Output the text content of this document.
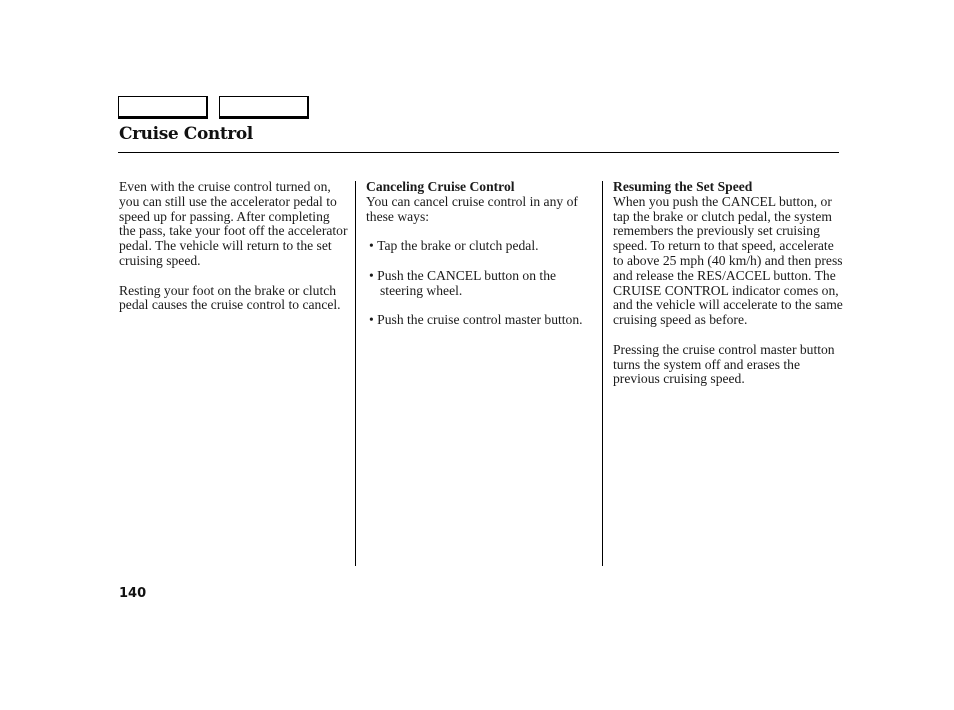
Cruise Control

Even with the cruise control turned on, you can still use the accelerator pedal to speed up for passing. After completing the pass, take your foot off the accelerator pedal. The vehicle will return to the set cruising speed.

Resting your foot on the brake or clutch pedal causes the cruise control to cancel.

Canceling Cruise Control
You can cancel cruise control in any of these ways:

• Tap the brake or clutch pedal.

• Push the CANCEL button on the steering wheel.

• Push the cruise control master button.

Resuming the Set Speed
When you push the CANCEL button, or tap the brake or clutch pedal, the system remembers the previously set cruising speed. To return to that speed, accelerate to above 25 mph (40 km/h) and then press and release the RES/ACCEL button. The CRUISE CONTROL indicator comes on, and the vehicle will accelerate to the same cruising speed as before.

Pressing the cruise control master button turns the system off and erases the previous cruising speed.

140
